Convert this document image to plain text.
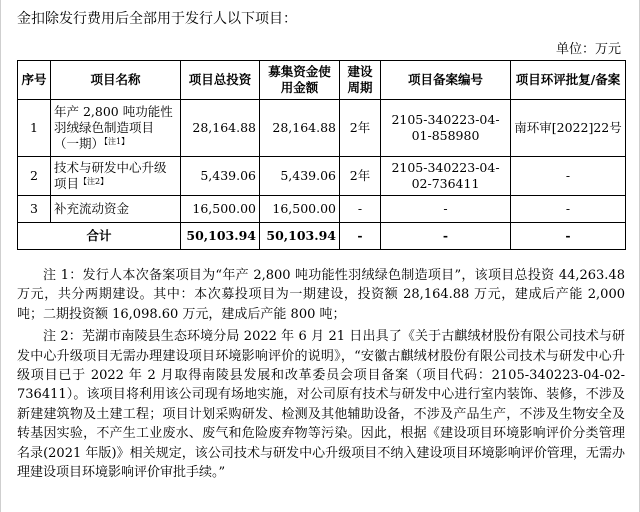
金扣除发行费用后全部用于发行人以下项目：
单位：万元
序号	项目名称	项目总投资	募集资金使用金额	建设周期	项目备案编号	项目环评批复/备案
1	年产 2,800 吨功能性羽绒绿色制造项目（一期）$^{【注1】}$	28,164.88	28,164.88	2年	2105-340223-04-01-858980	南环审[2022]22号
2	技术与研发中心升级项目$^{【注2】}$	5,439.06	5,439.06	2年	2105-340223-04-02-736411	-
3	补充流动资金	16,500.00	16,500.00	-	-	-
合计		50,103.94	50,103.94	-	-	-

注 1：发行人本次备案项目为“年产 2,800 吨功能性羽绒绿色制造项目”，该项目总投资 44,263.48 万元，共分两期建设。其中：本次募投项目为一期建设，投资额 28,164.88 万元，建成后产能 2,000 吨；二期投资额 16,098.60 万元，建成后产能 800 吨；

注 2：芜湖市南陵县生态环境分局 2022 年 6 月 21 日出具了《关于古麒绒材股份有限公司技术与研发中心升级项目无需办理建设项目环境影响评价的说明》，“安徽古麒绒材股份有限公司技术与研发中心升级项目已于 2022 年 2 月取得南陵县发展和改革委员会项目备案（项目代码：2105-340223-04-02-736411）。该项目将利用该公司现有场地实施，对公司原有技术与研发中心进行室内装饰、装修，不涉及新建建筑物及土建工程；项目计划采购研发、检测及其他辅助设备，不涉及产品生产，不涉及生物安全及转基因实验，不产生工业废水、废气和危险废弃物等污染。因此，根据《建设项目环境影响评价分类管理名录(2021 年版)》相关规定，该公司技术与研发中心升级项目不纳入建设项目环境影响评价管理，无需办理建设项目环境影响评价审批手续。”
